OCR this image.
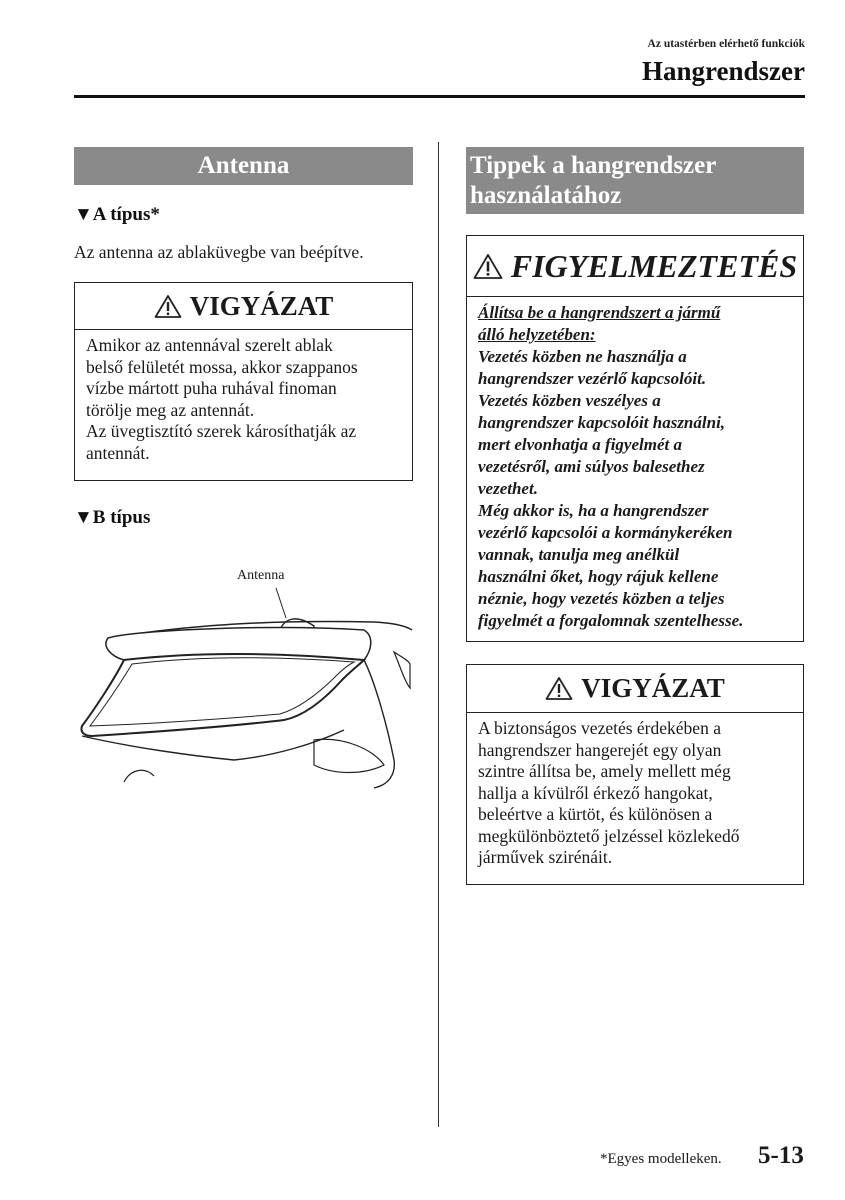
Az utastérben elérhető funkciók
Hangrendszer
Antenna
▼A típus*
Az antenna az ablaküvegbe van beépítve.
VIGYÁZAT
Amikor az antennával szerelt ablak
belső felületét mossa, akkor szappanos
vízbe mártott puha ruhával finoman
törölje meg az antennát.
Az üvegtisztító szerek károsíthatják az
antennát.
▼B típus
Antenna
Tippek a hangrendszer
használatához
FIGYELMEZTETÉS
Állítsa be a hangrendszert a jármű
álló helyzetében:
Vezetés közben ne használja a
hangrendszer vezérlő kapcsolóit.
Vezetés közben veszélyes a
hangrendszer kapcsolóit használni,
mert elvonhatja a figyelmét a
vezetésről, ami súlyos balesethez
vezethet.
Még akkor is, ha a hangrendszer
vezérlő kapcsolói a kormánykeréken
vannak, tanulja meg anélkül
használni őket, hogy rájuk kellene
néznie, hogy vezetés közben a teljes
figyelmét a forgalomnak szentelhesse.
VIGYÁZAT
A biztonságos vezetés érdekében a
hangrendszer hangerejét egy olyan
szintre állítsa be, amely mellett még
hallja a kívülről érkező hangokat,
beleértve a kürtöt, és különösen a
megkülönböztető jelzéssel közlekedő
járművek szirénáit.
*Egyes modelleken. 5-13
